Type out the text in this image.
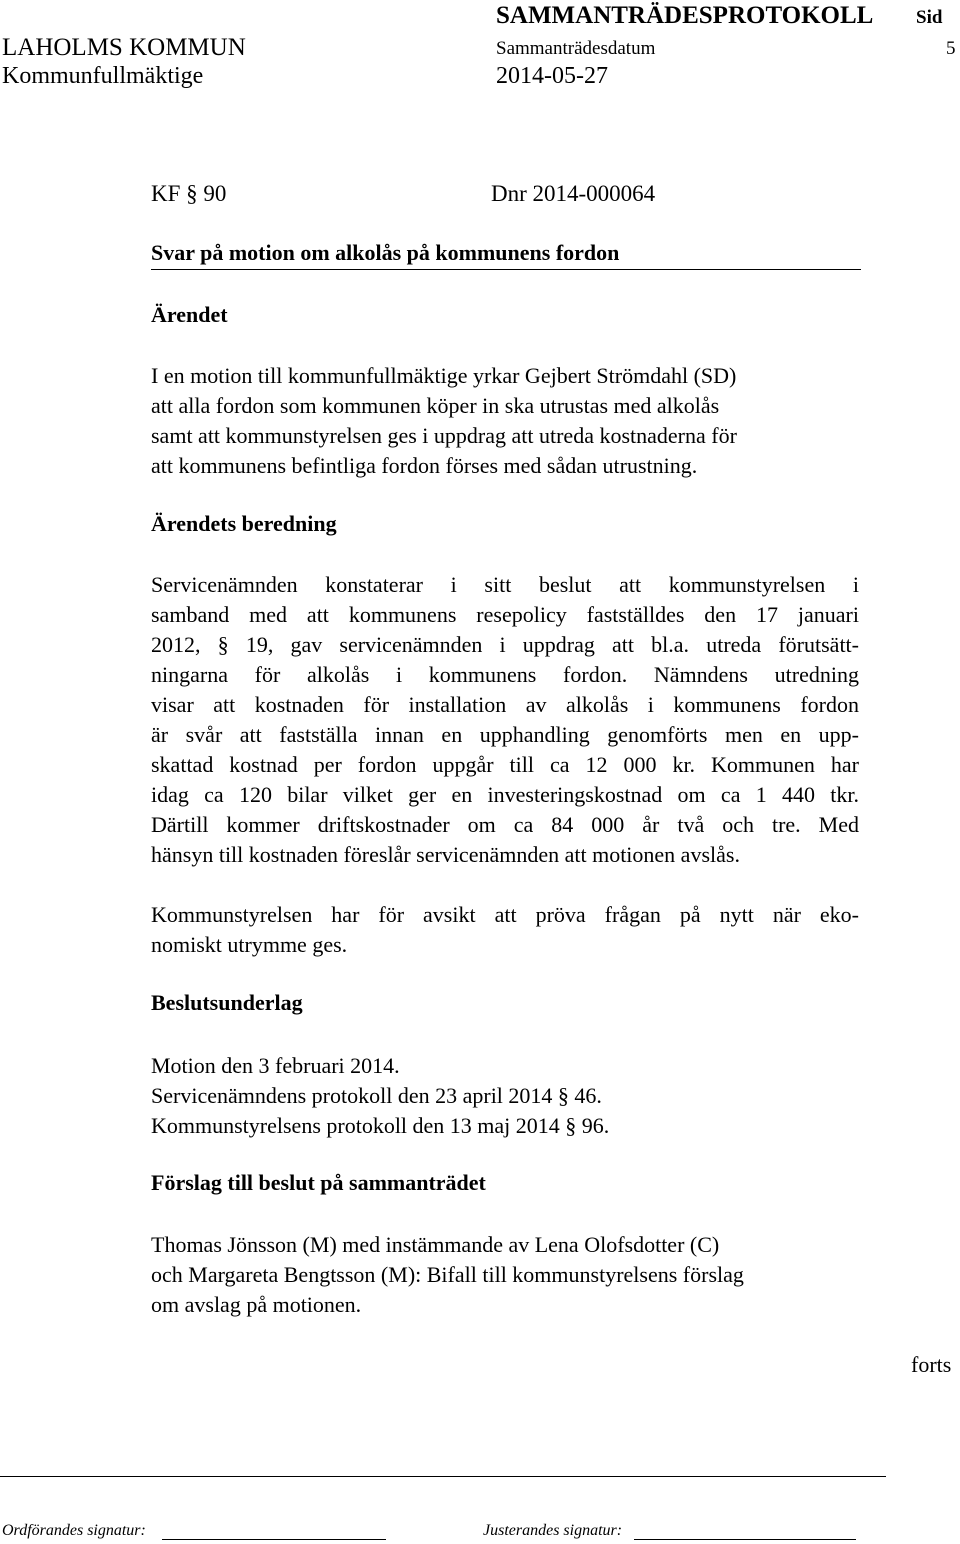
SAMMANTRÄDESPROTOKOLL Sid
LAHOLMS KOMMUN	Sammanträdesdatum	5
Kommunfullmäktige	2014-05-27
KF § 90	Dnr 2014-000064
Svar på motion om alkolås på kommunens fordon
Ärendet
I en motion till kommunfullmäktige yrkar Gejbert Strömdahl (SD)
att alla fordon som kommunen köper in ska utrustas med alkolås
samt att kommunstyrelsen ges i uppdrag att utreda kostnaderna för
att kommunens befintliga fordon förses med sådan utrustning.
Ärendets beredning
Servicenämnden konstaterar i sitt beslut att kommunstyrelsen i
samband med att kommunens resepolicy fastställdes den 17 januari
2012, § 19, gav servicenämnden i uppdrag att bl.a. utreda förutsätt-
ningarna för alkolås i kommunens fordon. Nämndens utredning
visar att kostnaden för installation av alkolås i kommunens fordon
är svår att fastställa innan en upphandling genomförts men en upp-
skattad kostnad per fordon uppgår till ca 12 000 kr. Kommunen har
idag ca 120 bilar vilket ger en investeringskostnad om ca 1 440 tkr.
Därtill kommer driftskostnader om ca 84 000 år två och tre. Med
hänsyn till kostnaden föreslår servicenämnden att motionen avslås.
Kommunstyrelsen har för avsikt att pröva frågan på nytt när eko-
nomiskt utrymme ges.
Beslutsunderlag
Motion den 3 februari 2014.
Servicenämndens protokoll den 23 april 2014 § 46.
Kommunstyrelsens protokoll den 13 maj 2014 § 96.
Förslag till beslut på sammanträdet
Thomas Jönsson (M) med instämmande av Lena Olofsdotter (C)
och Margareta Bengtsson (M): Bifall till kommunstyrelsens förslag
om avslag på motionen.
forts
Ordförandes signatur:	Justerandes signatur:
